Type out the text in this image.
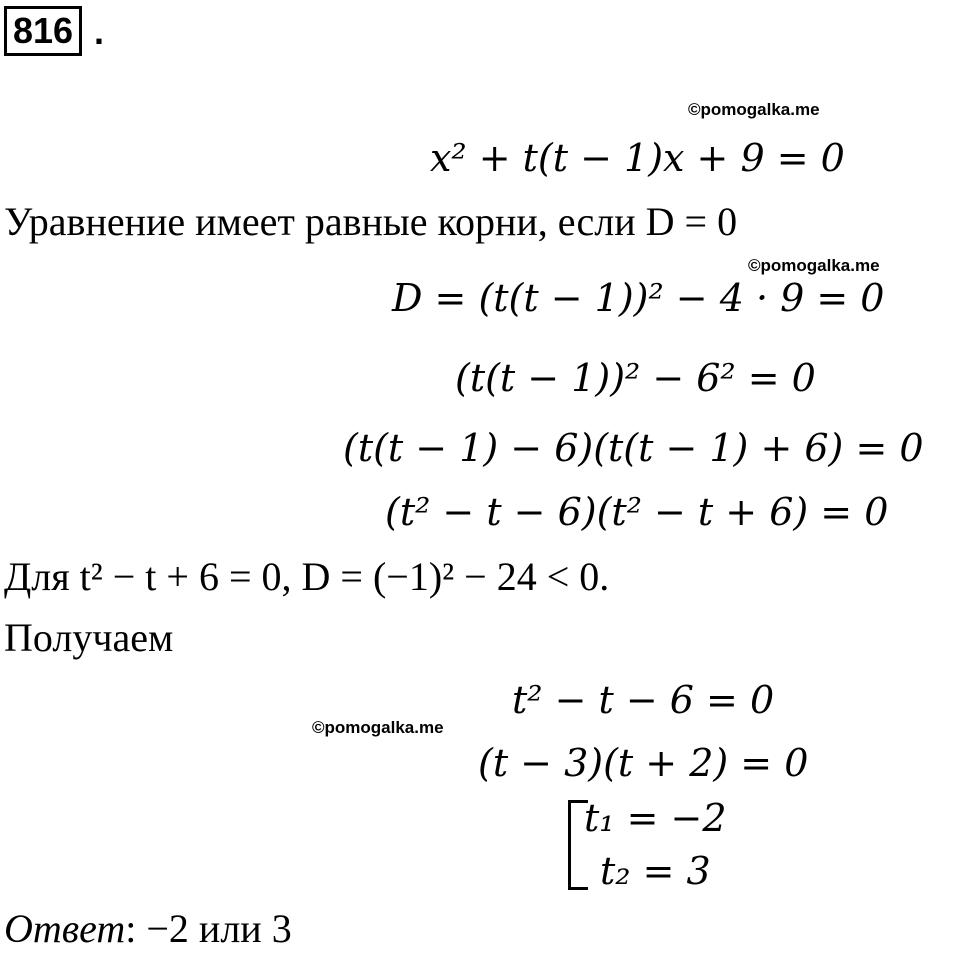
816 .
©pomogalka.me
x² + t(t − 1)x + 9 = 0
Уравнение имеет равные корни, если D = 0
©pomogalka.me
D = (t(t − 1))² − 4 · 9 = 0
(t(t − 1))² − 6² = 0
(t(t − 1) − 6)(t(t − 1) + 6) = 0
(t² − t − 6)(t² − t + 6) = 0
Для t² − t + 6 = 0, D = (−1)² − 24 < 0.
Получаем
t² − t − 6 = 0
©pomogalka.me
(t − 3)(t + 2) = 0
t₁ = −2
t₂ = 3
Ответ: −2 или 3
